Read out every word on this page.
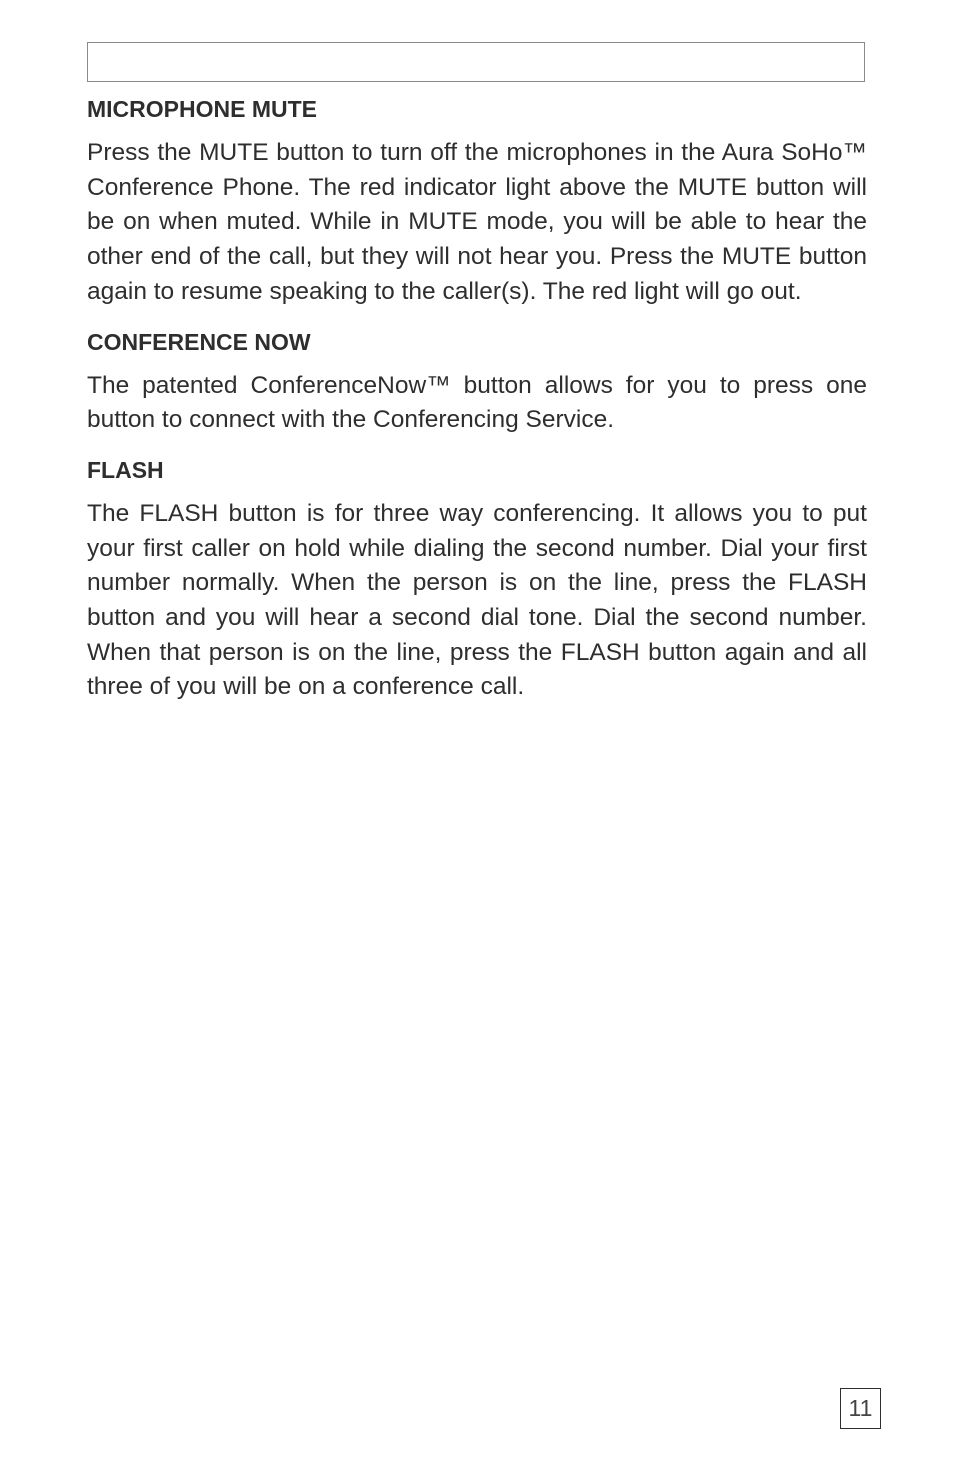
MICROPHONE MUTE

Press the MUTE button to turn off the microphones in the Aura SoHo™ Conference Phone. The red indicator light above the MUTE button will be on when muted. While in MUTE mode, you will be able to hear the other end of the call, but they will not hear you. Press the MUTE button again to resume speaking to the caller(s). The red light will go out.

CONFERENCE NOW

The patented ConferenceNow™ button allows for you to press one button to connect with the Conferencing Service.

FLASH

The FLASH button is for three way conferencing. It allows you to put your first caller on hold while dialing the second number. Dial your first number normally. When the person is on the line, press the FLASH button and you will hear a second dial tone. Dial the second number. When that person is on the line, press the FLASH button again and all three of you will be on a conference call.

11
